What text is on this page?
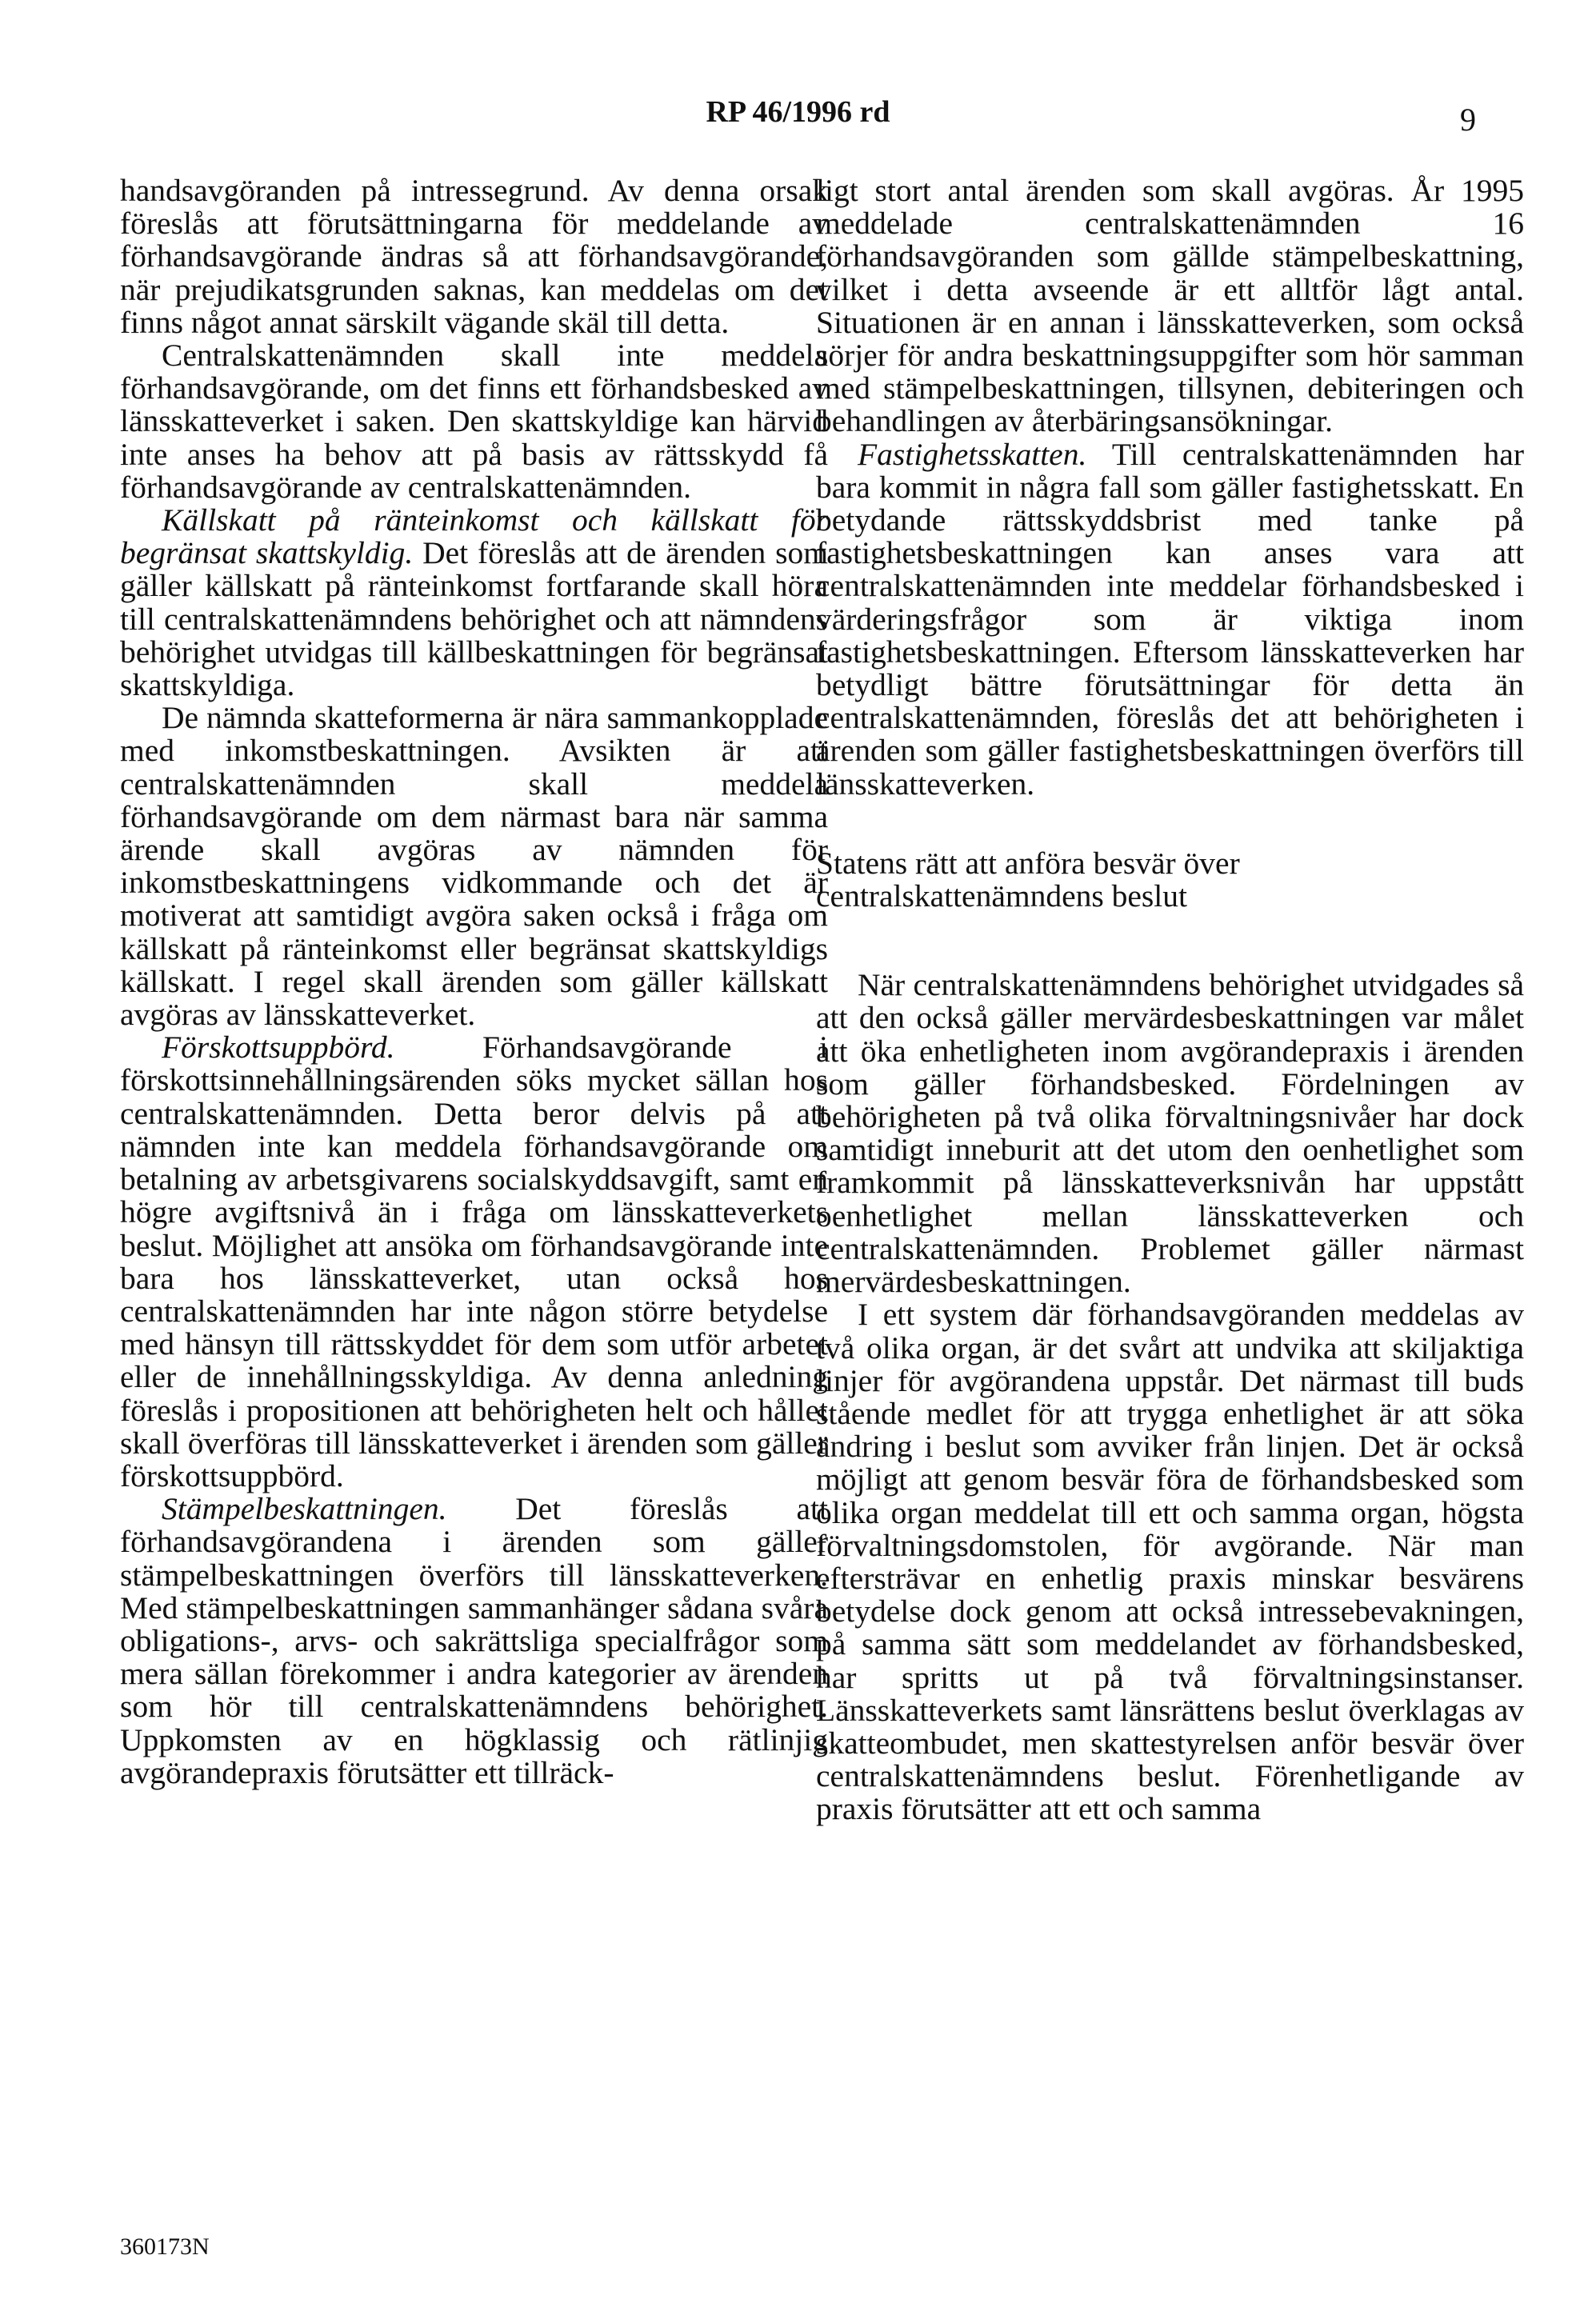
RP 46/1996 rd	9

handsavgöranden på intressegrund. Av denna orsak föreslås att förutsättningarna för meddelande av förhandsavgörande ändras så att förhandsavgörande, när prejudikatsgrunden saknas, kan meddelas om det finns något annat särskilt vägande skäl till detta.

Centralskattenämnden skall inte meddela förhandsavgörande, om det finns ett förhandsbesked av länsskatteverket i saken. Den skattskyldige kan härvid inte anses ha behov att på basis av rättsskydd få förhandsavgörande av centralskattenämnden.

Källskatt på ränteinkomst och källskatt för begränsat skattskyldig. Det föreslås att de ärenden som gäller källskatt på ränteinkomst fortfarande skall höra till centralskattenämndens behörighet och att nämndens behörighet utvidgas till källbeskattningen för begränsat skattskyldiga.

De nämnda skatteformerna är nära sammankopplade med inkomstbeskattningen. Avsikten är att centralskattenämnden skall meddela förhandsavgörande om dem närmast bara när samma ärende skall avgöras av nämnden för inkomstbeskattningens vidkommande och det är motiverat att samtidigt avgöra saken också i fråga om källskatt på ränteinkomst eller begränsat skattskyldigs källskatt. I regel skall ärenden som gäller källskatt avgöras av länsskatteverket.

Förskottsuppbörd. Förhandsavgörande i förskottsinnehållningsärenden söks mycket sällan hos centralskattenämnden. Detta beror delvis på att nämnden inte kan meddela förhandsavgörande om betalning av arbetsgivarens socialskyddsavgift, samt en högre avgiftsnivå än i fråga om länsskatteverkets beslut. Möjlighet att ansöka om förhandsavgörande inte bara hos länsskatteverket, utan också hos centralskattenämnden har inte någon större betydelse med hänsyn till rättsskyddet för dem som utför arbetet eller de innehållningsskyldiga. Av denna anledning föreslås i propositionen att behörigheten helt och hållet skall överföras till länsskatteverket i ärenden som gäller förskottsuppbörd.

Stämpelbeskattningen. Det föreslås att förhandsavgörandena i ärenden som gäller stämpelbeskattningen överförs till länsskatteverken. Med stämpelbeskattningen sammanhänger sådana svåra obligations-, arvs- och sakrättsliga specialfrågor som mera sällan förekommer i andra kategorier av ärenden som hör till centralskattenämndens behörighet. Uppkomsten av en högklassig och rätlinjig avgörandepraxis förutsätter ett tillräck-

ligt stort antal ärenden som skall avgöras. År 1995 meddelade centralskattenämnden 16 förhandsavgöranden som gällde stämpelbeskattning, vilket i detta avseende är ett alltför lågt antal. Situationen är en annan i länsskatteverken, som också sörjer för andra beskattningsuppgifter som hör samman med stämpelbeskattningen, tillsynen, debiteringen och behandlingen av återbäringsansökningar.

Fastighetsskatten. Till centralskattenämnden har bara kommit in några fall som gäller fastighetsskatt. En betydande rättsskyddsbrist med tanke på fastighetsbeskattningen kan anses vara att centralskattenämnden inte meddelar förhandsbesked i värderingsfrågor som är viktiga inom fastighetsbeskattningen. Eftersom länsskatteverken har betydligt bättre förutsättningar för detta än centralskattenämnden, föreslås det att behörigheten i ärenden som gäller fastighetsbeskattningen överförs till länsskatteverken.

Statens rätt att anföra besvär över centralskattenämndens beslut

När centralskattenämndens behörighet utvidgades så att den också gäller mervärdesbeskattningen var målet att öka enhetligheten inom avgörandepraxis i ärenden som gäller förhandsbesked. Fördelningen av behörigheten på två olika förvaltningsnivåer har dock samtidigt inneburit att det utom den oenhetlighet som framkommit på länsskatteverksnivån har uppstått oenhetlighet mellan länsskatteverken och centralskattenämnden. Problemet gäller närmast mervärdesbeskattningen.

I ett system där förhandsavgöranden meddelas av två olika organ, är det svårt att undvika att skiljaktiga linjer för avgörandena uppstår. Det närmast till buds stående medlet för att trygga enhetlighet är att söka ändring i beslut som avviker från linjen. Det är också möjligt att genom besvär föra de förhandsbesked som olika organ meddelat till ett och samma organ, högsta förvaltningsdomstolen, för avgörande. När man eftersträvar en enhetlig praxis minskar besvärens betydelse dock genom att också intressebevakningen, på samma sätt som meddelandet av förhandsbesked, har spritts ut på två förvaltningsinstanser. Länsskatteverkets samt länsrättens beslut överklagas av skatteombudet, men skattestyrelsen anför besvär över centralskattenämndens beslut. Förenhetligande av praxis förutsätter att ett och samma

360173N
